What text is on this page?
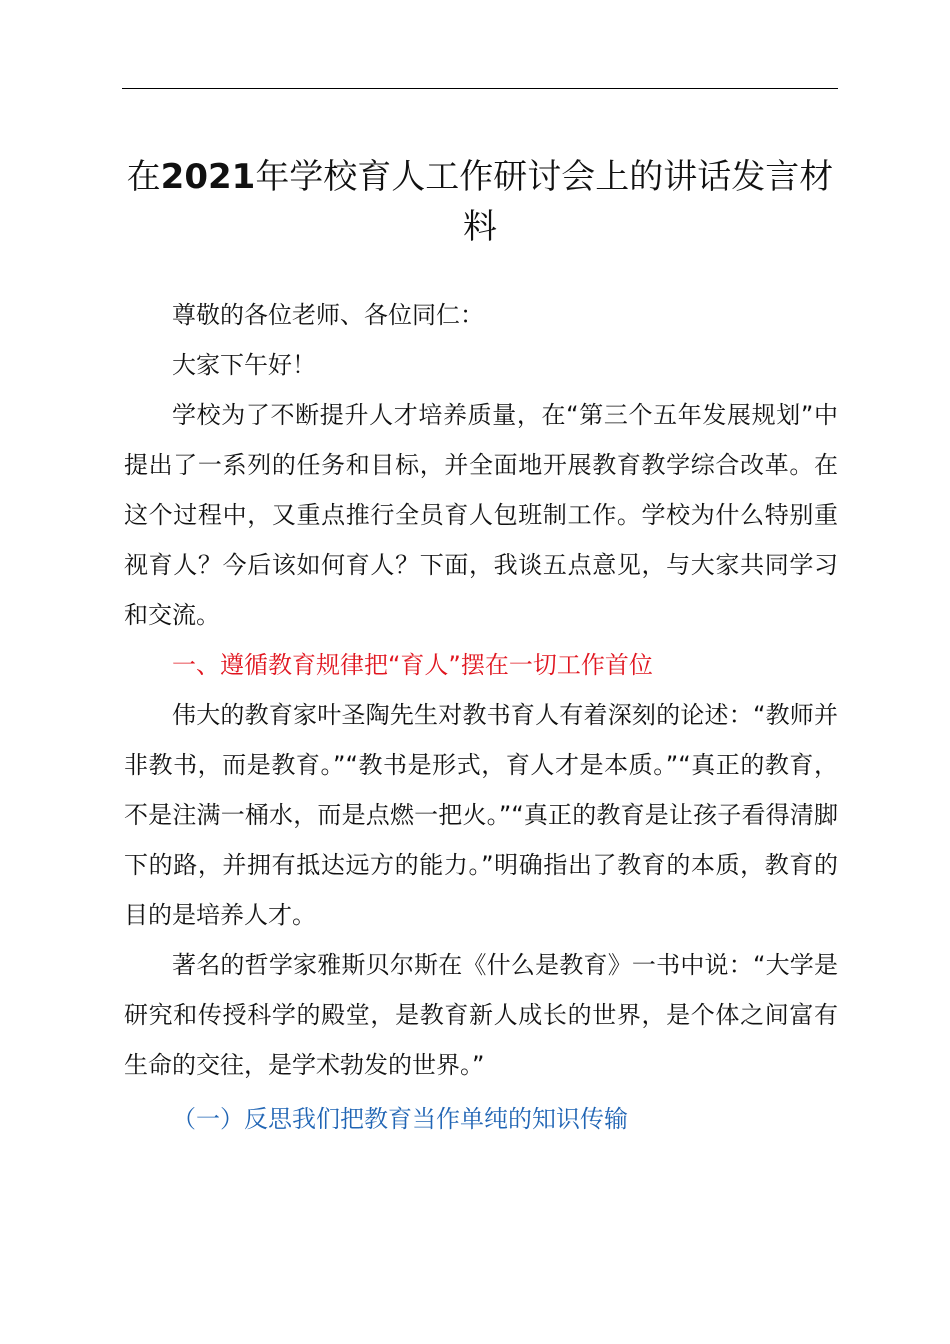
在2021年学校育人工作研讨会上的讲话发言材料

尊敬的各位老师、各位同仁：

大家下午好！

学校为了不断提升人才培养质量，在“第三个五年发展规划”中提出了一系列的任务和目标，并全面地开展教育教学综合改革。在这个过程中，又重点推行全员育人包班制工作。学校为什么特别重视育人？今后该如何育人？下面，我谈五点意见，与大家共同学习和交流。

一、遵循教育规律把“育人”摆在一切工作首位

伟大的教育家叶圣陶先生对教书育人有着深刻的论述：“教师并非教书，而是教育。”“教书是形式，育人才是本质。”“真正的教育，不是注满一桶水，而是点燃一把火。”“真正的教育是让孩子看得清脚下的路，并拥有抵达远方的能力。”明确指出了教育的本质，教育的目的是培养人才。

著名的哲学家雅斯贝尔斯在《什么是教育》一书中说：“大学是研究和传授科学的殿堂，是教育新人成长的世界，是个体之间富有生命的交往，是学术勃发的世界。”

（一）反思我们把教育当作单纯的知识传输
